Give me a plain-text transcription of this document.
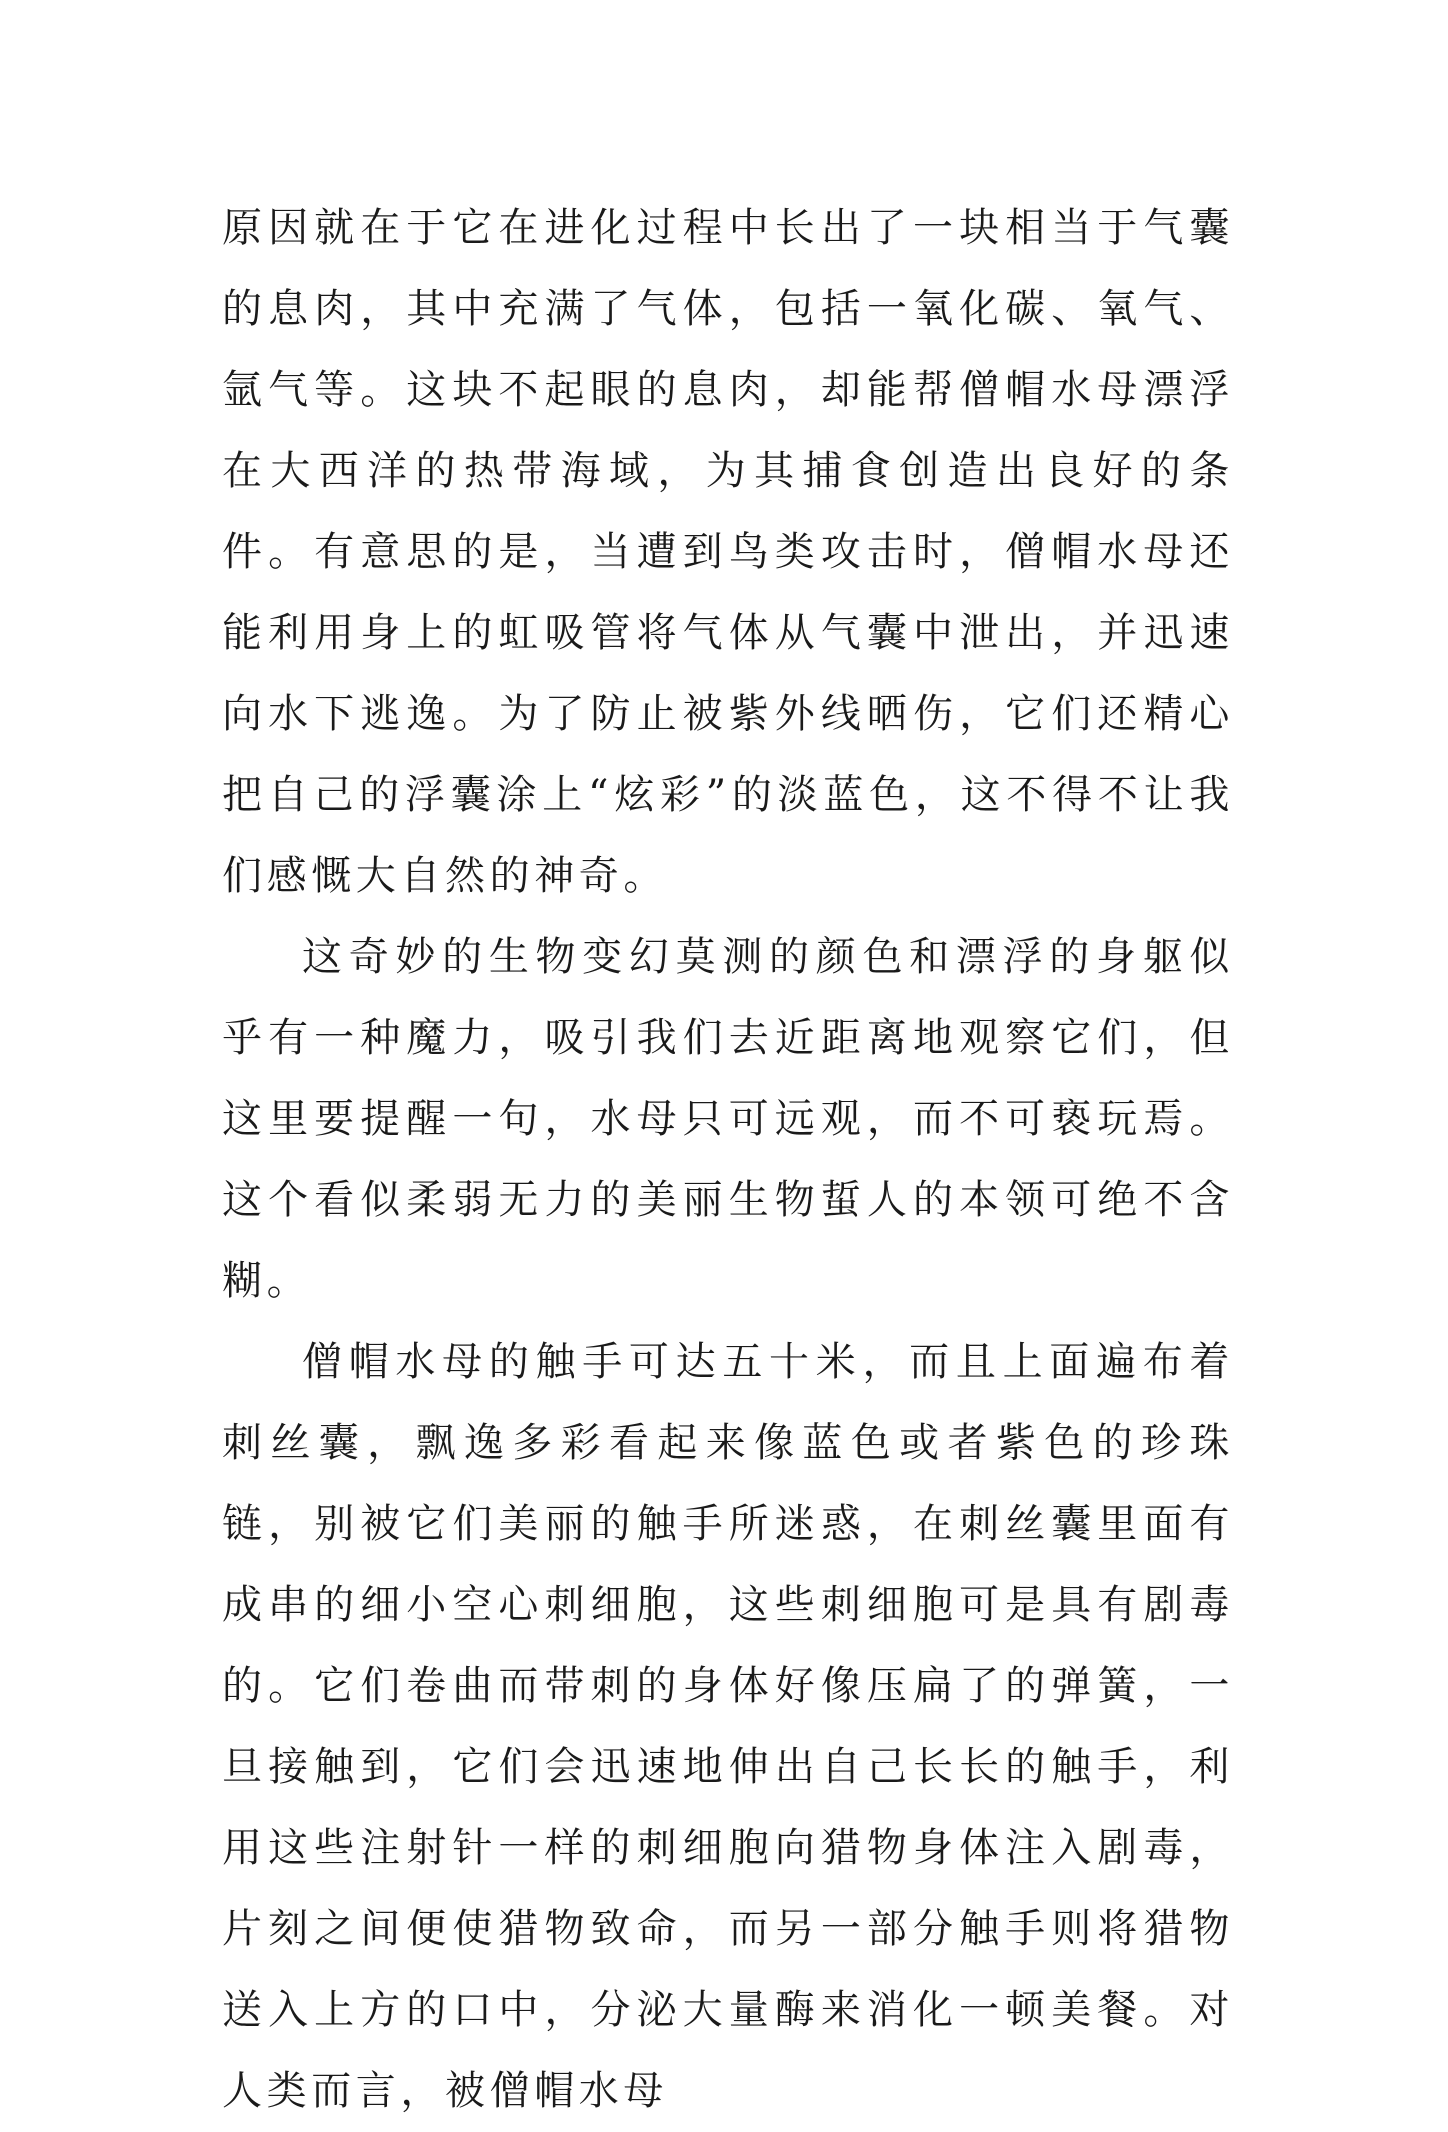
原因就在于它在进化过程中长出了一块相当于气囊的息肉，其中充满了气体，包括一氧化碳、氧气、氩气等。这块不起眼的息肉，却能帮僧帽水母漂浮在大西洋的热带海域，为其捕食创造出良好的条件。有意思的是，当遭到鸟类攻击时，僧帽水母还能利用身上的虹吸管将气体从气囊中泄出，并迅速向水下逃逸。为了防止被紫外线晒伤，它们还精心把自己的浮囊涂上“炫彩”的淡蓝色，这不得不让我们感慨大自然的神奇。

这奇妙的生物变幻莫测的颜色和漂浮的身躯似乎有一种魔力，吸引我们去近距离地观察它们，但这里要提醒一句，水母只可远观，而不可亵玩焉。这个看似柔弱无力的美丽生物蜇人的本领可绝不含糊。

僧帽水母的触手可达五十米，而且上面遍布着刺丝囊，飘逸多彩看起来像蓝色或者紫色的珍珠链，别被它们美丽的触手所迷惑，在刺丝囊里面有成串的细小空心刺细胞，这些刺细胞可是具有剧毒的。它们卷曲而带刺的身体好像压扁了的弹簧，一旦接触到，它们会迅速地伸出自己长长的触手，利用这些注射针一样的刺细胞向猎物身体注入剧毒，片刻之间便使猎物致命，而另一部分触手则将猎物送入上方的口中，分泌大量酶来消化一顿美餐。对人类而言，被僧帽水母
